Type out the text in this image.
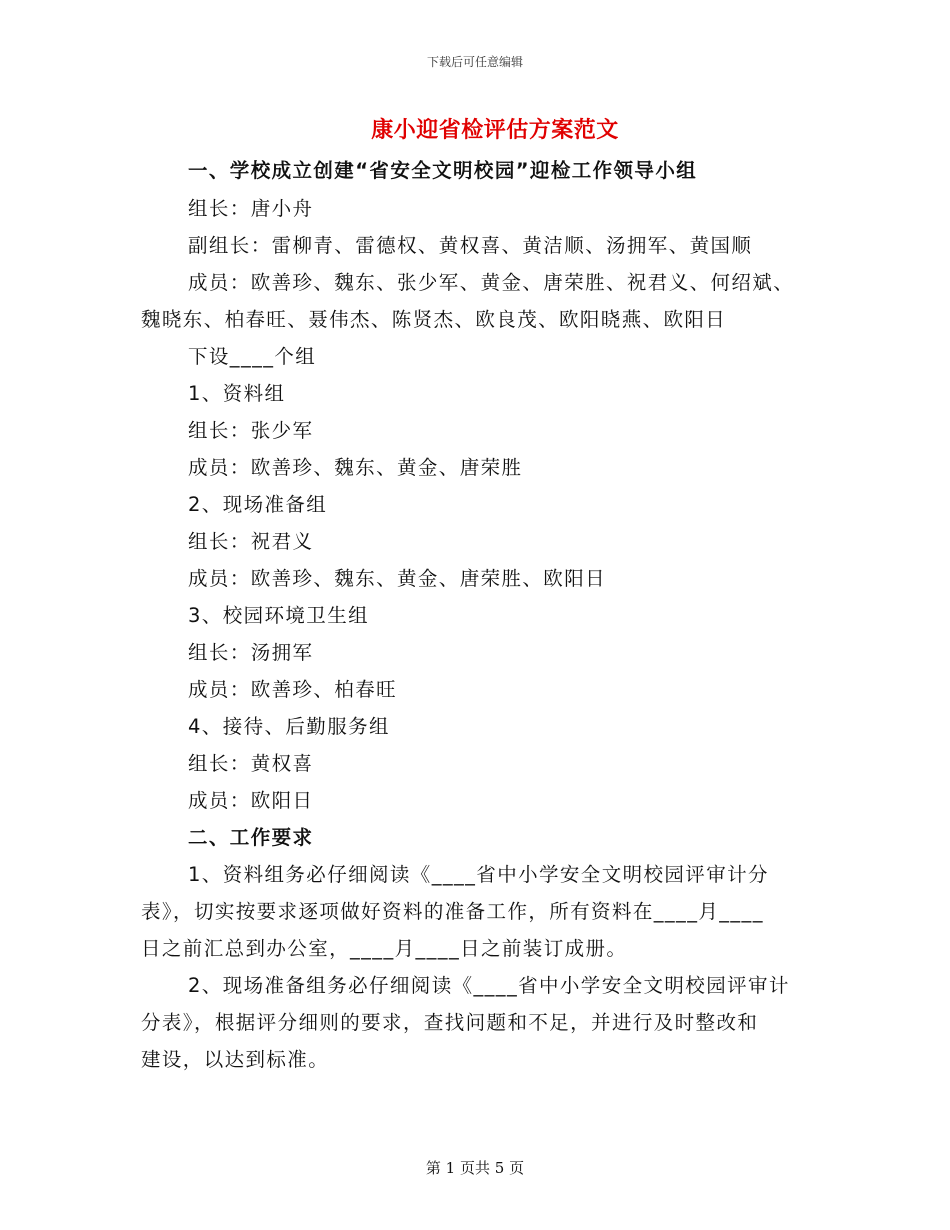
下载后可任意编辑
康小迎省检评估方案范文
一、学校成立创建“省安全文明校园”迎检工作领导小组
组长：唐小舟
副组长：雷柳青、雷德权、黄权喜、黄洁顺、汤拥军、黄国顺
成员：欧善珍、魏东、张少军、黄金、唐荣胜、祝君义、何绍斌、
魏晓东、柏春旺、聂伟杰、陈贤杰、欧良茂、欧阳晓燕、欧阳日
下设____个组
1、资料组
组长：张少军
成员：欧善珍、魏东、黄金、唐荣胜
2、现场准备组
组长：祝君义
成员：欧善珍、魏东、黄金、唐荣胜、欧阳日
3、校园环境卫生组
组长：汤拥军
成员：欧善珍、柏春旺
4、接待、后勤服务组
组长：黄权喜
成员：欧阳日
二、工作要求
1、资料组务必仔细阅读《____省中小学安全文明校园评审计分
表》，切实按要求逐项做好资料的准备工作，所有资料在____月____
日之前汇总到办公室，____月____日之前装订成册。
2、现场准备组务必仔细阅读《____省中小学安全文明校园评审计
分表》，根据评分细则的要求，查找问题和不足，并进行及时整改和
建设，以达到标准。
第 1 页共 5 页
